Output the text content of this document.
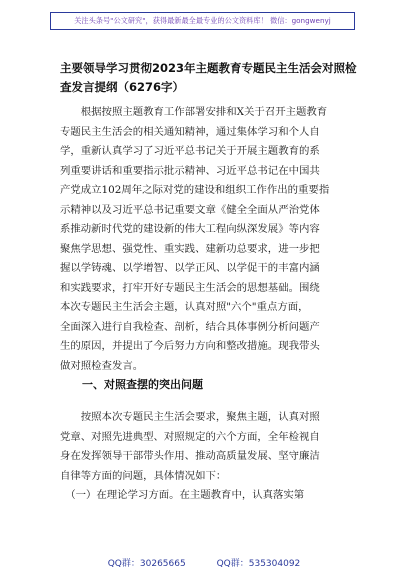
关注头条号"公文研究"，获得最新最全最专业的公文资料库！ 微信：gongwenyj
主要领导学习贯彻2023年主题教育专题民主生活会对照检查发言提纲（6276字）
　　根据按照主题教育工作部署安排和X关于召开主题教育
专题民主生活会的相关通知精神，通过集体学习和个人自
学，重新认真学习了习近平总书记关于开展主题教育的系
列重要讲话和重要指示批示精神、习近平总书记在中国共
产党成立102周年之际对党的建设和组织工作作出的重要指
示精神以及习近平总书记重要文章《健全全面从严治党体
系推动新时代党的建设新的伟大工程向纵深发展》等内容
聚焦学思想、强党性、重实践、建新功总要求，进一步把
握以学铸魂、以学增智、以学正风、以学促干的丰富内涵
和实践要求，打牢开好专题民主生活会的思想基础。围绕
本次专题民主生活会主题，认真对照"六个"重点方面，
全面深入进行自我检查、剖析，结合具体事例分析问题产
生的原因，并提出了今后努力方向和整改措施。现我带头
做对照检查发言。
一、对照查摆的突出问题
　　按照本次专题民主生活会要求，聚焦主题，认真对照
党章、对照先进典型、对照规定的六个方面，全年检视自
身在发挥领导干部带头作用、推动高质量发展、坚守廉洁
自律等方面的问题，具体情况如下：
　（一）在理论学习方面。在主题教育中，认真落实第
QQ群：30265665	QQ群：535304092
